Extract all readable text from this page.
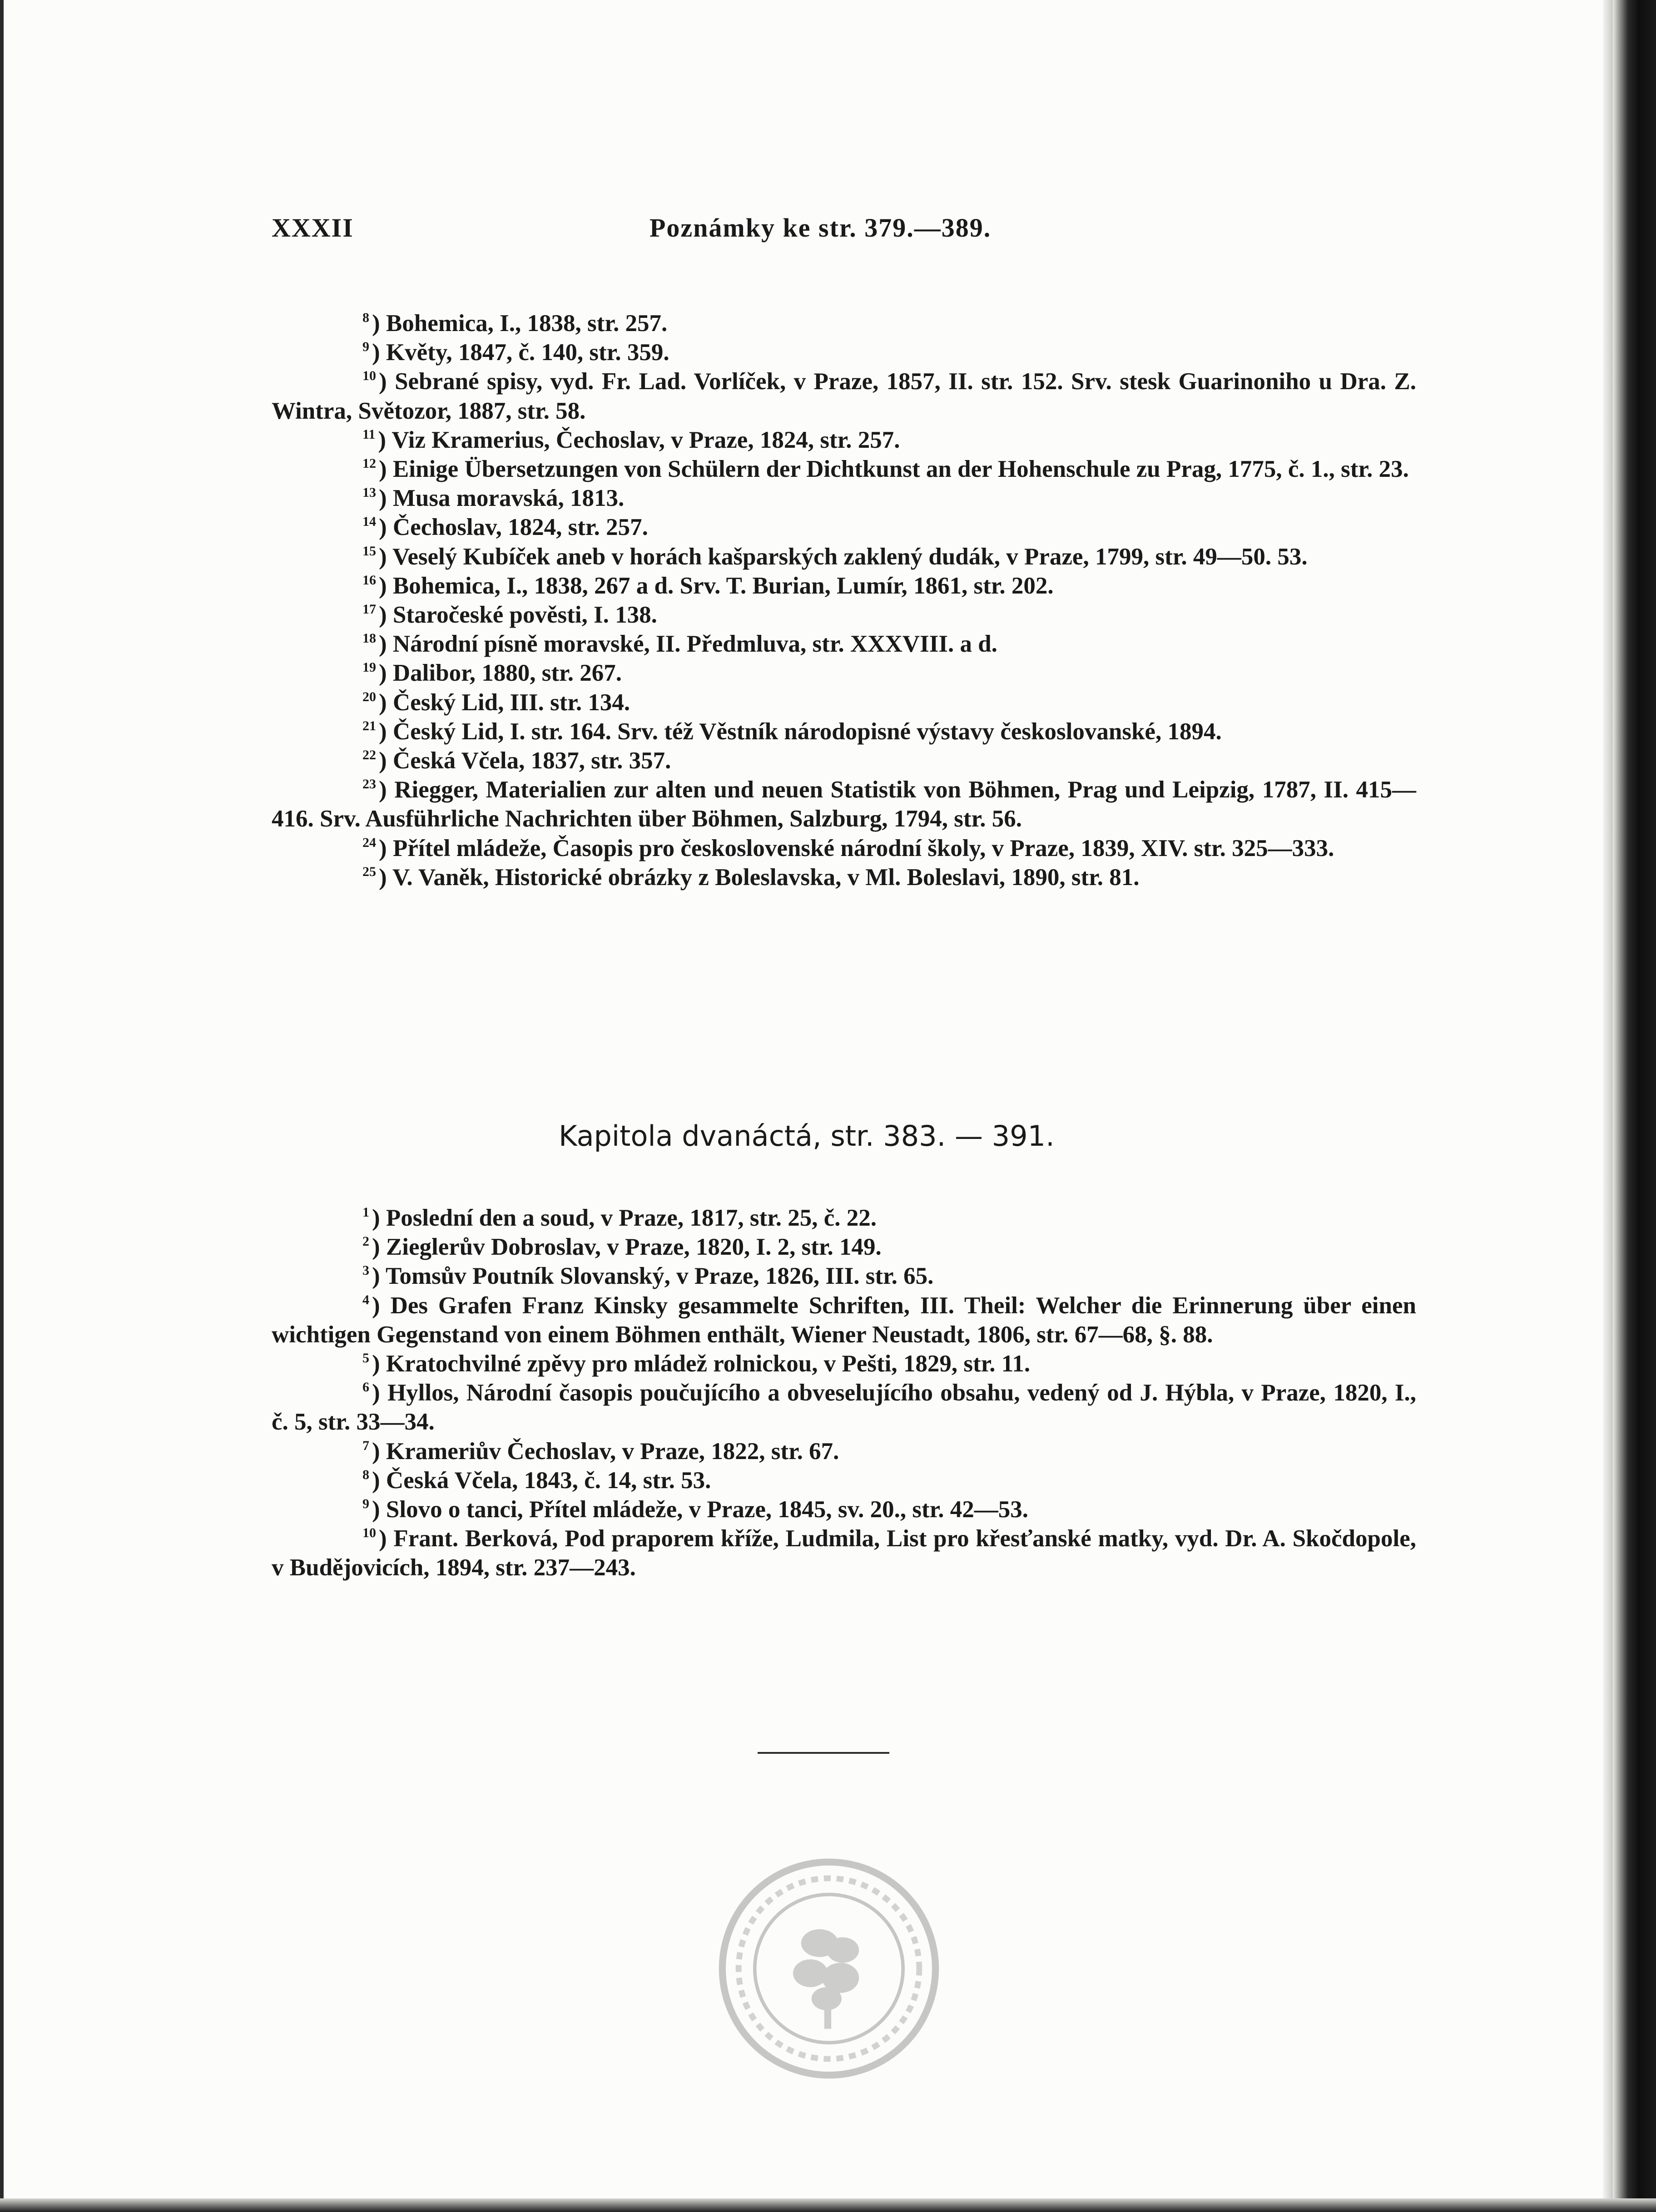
XXXII	Poznámky ke str. 379.—389.

$^8$ ) Bohemica, I., 1838, str. 257.

$^9$ ) Květy, 1847, č. 140, str. 359.

$^{10}$ ) Sebrané spisy, vyd. Fr. Lad. Vorlíček, v Praze, 1857, II. str. 152. Srv. stesk Guarinoniho u Dra. Z. Wintra, Světozor, 1887, str. 58.

$^{11}$ ) Viz Kramerius, Čechoslav, v Praze, 1824, str. 257.

$^{12}$ ) Einige Übersetzungen von Schülern der Dichtkunst an der Hohenschule zu Prag, 1775, č. 1., str. 23.

$^{13}$ ) Musa moravská, 1813.

$^{14}$ ) Čechoslav, 1824, str. 257.

$^{15}$ ) Veselý Kubíček aneb v horách kašparských zaklený dudák, v Praze, 1799, str. 49—50. 53.

$^{16}$ ) Bohemica, I., 1838, 267 a d. Srv. T. Burian, Lumír, 1861, str. 202.

$^{17}$ ) Staročeské pověsti, I. 138.

$^{18}$ ) Národní písně moravské, II. Předmluva, str. XXXVIII. a d.

$^{19}$ ) Dalibor, 1880, str. 267.

$^{20}$ ) Český Lid, III. str. 134.

$^{21}$ ) Český Lid, I. str. 164. Srv. též Věstník národopisné výstavy českoslovanské, 1894.

$^{22}$ ) Česká Včela, 1837, str. 357.

$^{23}$ ) Riegger, Materialien zur alten und neuen Statistik von Böhmen, Prag und Leipzig, 1787, II. 415—416. Srv. Ausführliche Nachrichten über Böhmen, Salzburg, 1794, str. 56.

$^{24}$ ) Přítel mládeže, Časopis pro československé národní školy, v Praze, 1839, XIV. str. 325—333.

$^{25}$ ) V. Vaněk, Historické obrázky z Boleslavska, v Ml. Boleslavi, 1890, str. 81.

Kapitola dvanáctá, str. 383. — 391.

$^1$ ) Poslední den a soud, v Praze, 1817, str. 25, č. 22.

$^2$ ) Zieglerův Dobroslav, v Praze, 1820, I. 2, str. 149.

$^3$ ) Tomsův Poutník Slovanský, v Praze, 1826, III. str. 65.

$^4$ ) Des Grafen Franz Kinsky gesammelte Schriften, III. Theil: Welcher die Erinnerung über einen wichtigen Gegenstand von einem Böhmen enthält, Wiener Neustadt, 1806, str. 67—68, §. 88.

$^5$ ) Kratochvilné zpěvy pro mládež rolnickou, v Pešti, 1829, str. 11.

$^6$ ) Hyllos, Národní časopis poučujícího a obveselujícího obsahu, vedený od J. Hýbla, v Praze, 1820, I., č. 5, str. 33—34.

$^7$ ) Krameriův Čechoslav, v Praze, 1822, str. 67.

$^8$ ) Česká Včela, 1843, č. 14, str. 53.

$^9$ ) Slovo o tanci, Přítel mládeže, v Praze, 1845, sv. 20., str. 42—53.

$^{10}$ ) Frant. Berková, Pod praporem kříže, Ludmila, List pro křesťanské matky, vyd. Dr. A. Skočdopole, v Budějovicích, 1894, str. 237—243.
